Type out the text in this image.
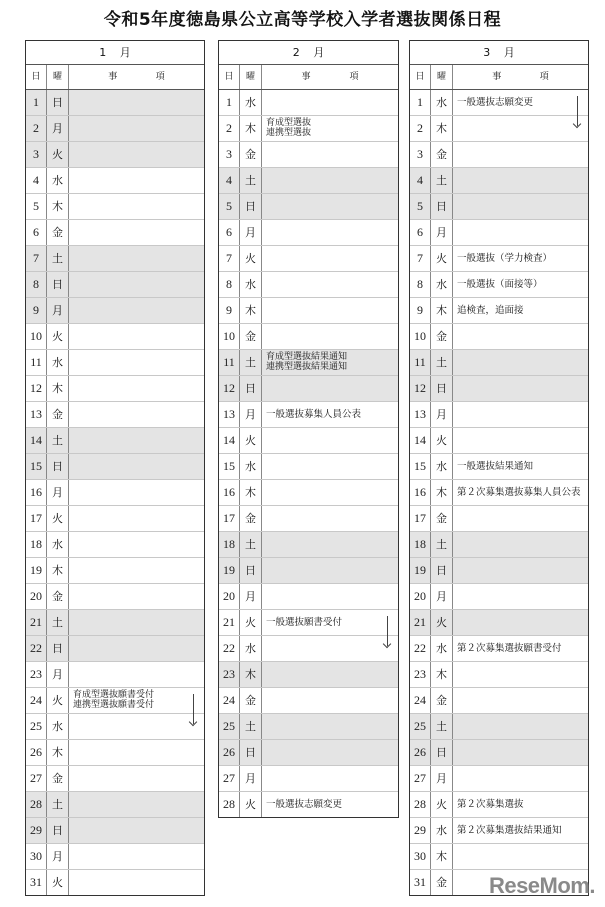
令和5年度徳島県公立高等学校入学者選抜関係日程
1 月
日	曜	事	項
1	日
2	月
3	火
4	水
5	木
6	金
7	土
8	日
9	月
10 火
11 水
12 木
13 金
14 土
15 日
16 月
17 火
18 水
19 木
20 金
21 土
22 日
23 月
24 火	育成型選抜願書受付
連携型選抜願書受付
25 水
26 木
27 金
28 土
29 日
30 月
31 火
2 月
日	曜	事	項
1	水
2	木	育成型選抜
連携型選抜
3	金
4	土
5	日
6	月
7	火
8	水
9	木
10 金
11 土	育成型選抜結果通知
連携型選抜結果通知
12 日
13 月	一般選抜募集人員公表
14 火
15 水
16 木
17 金
18 土
19 日
20 月
21 火	一般選抜願書受付
22 水
23 木
24 金
25 土
26 日
27 月
28 火	一般選抜志願変更
3 月
日	曜	事	項
1	水	一般選抜志願変更
2	木
3	金
4	土
5	日
6	月
7	火	一般選抜（学力検査）
8	水	一般選抜（面接等）
9	木	追検査，追面接
10 金
11 土
12 日
13 月
14 火
15 水	一般選抜結果通知
16 木	第２次募集選抜募集人員公表
17 金
18 土
19 日
20 月
21 火
22 水	第２次募集選抜願書受付
23 木
24 金
25 土
26 日
27 月
28 火	第２次募集選抜
29 水	第２次募集選抜結果通知
30 木
31 金 ReseMom.
